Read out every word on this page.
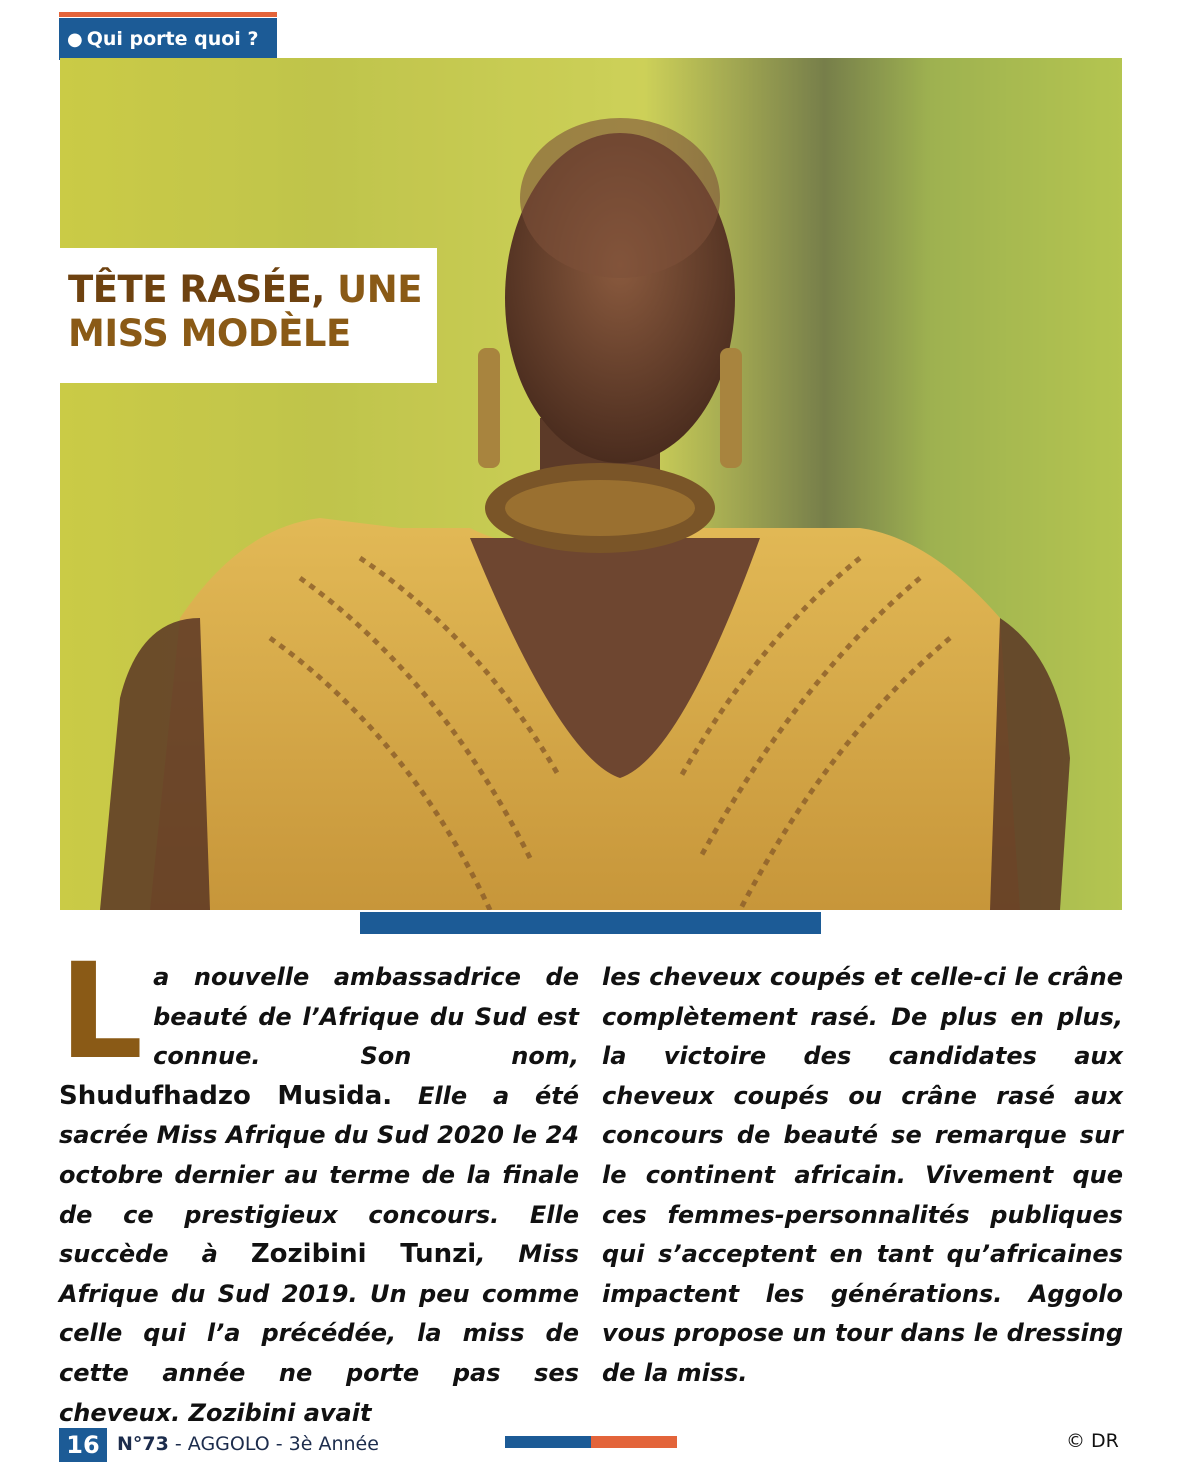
● Qui porte quoi ?
TÊTE RASÉE, UNE
MISS MODÈLE
La nouvelle ambassadrice de beauté de l’Afrique du Sud est connue. Son nom, Shudufhadzo Musida. Elle a été sacrée Miss Afrique du Sud 2020 le 24 octobre dernier au terme de la finale de ce prestigieux concours. Elle succède à Zozibini Tunzi, Miss Afrique du Sud 2019. Un peu comme celle qui l’a précédée, la miss de cette année ne porte pas ses cheveux. Zozibini avait
les cheveux coupés et celle-ci le crâne complètement rasé. De plus en plus, la victoire des candidates aux cheveux coupés ou crâne rasé aux concours de beauté se remarque sur le continent africain. Vivement que ces femmes-personnalités publiques qui s’acceptent en tant qu’africaines impactent les générations. Aggolo vous propose un tour dans le dressing de la miss.
16 N°73 - AGGOLO - 3è Année	© DR
